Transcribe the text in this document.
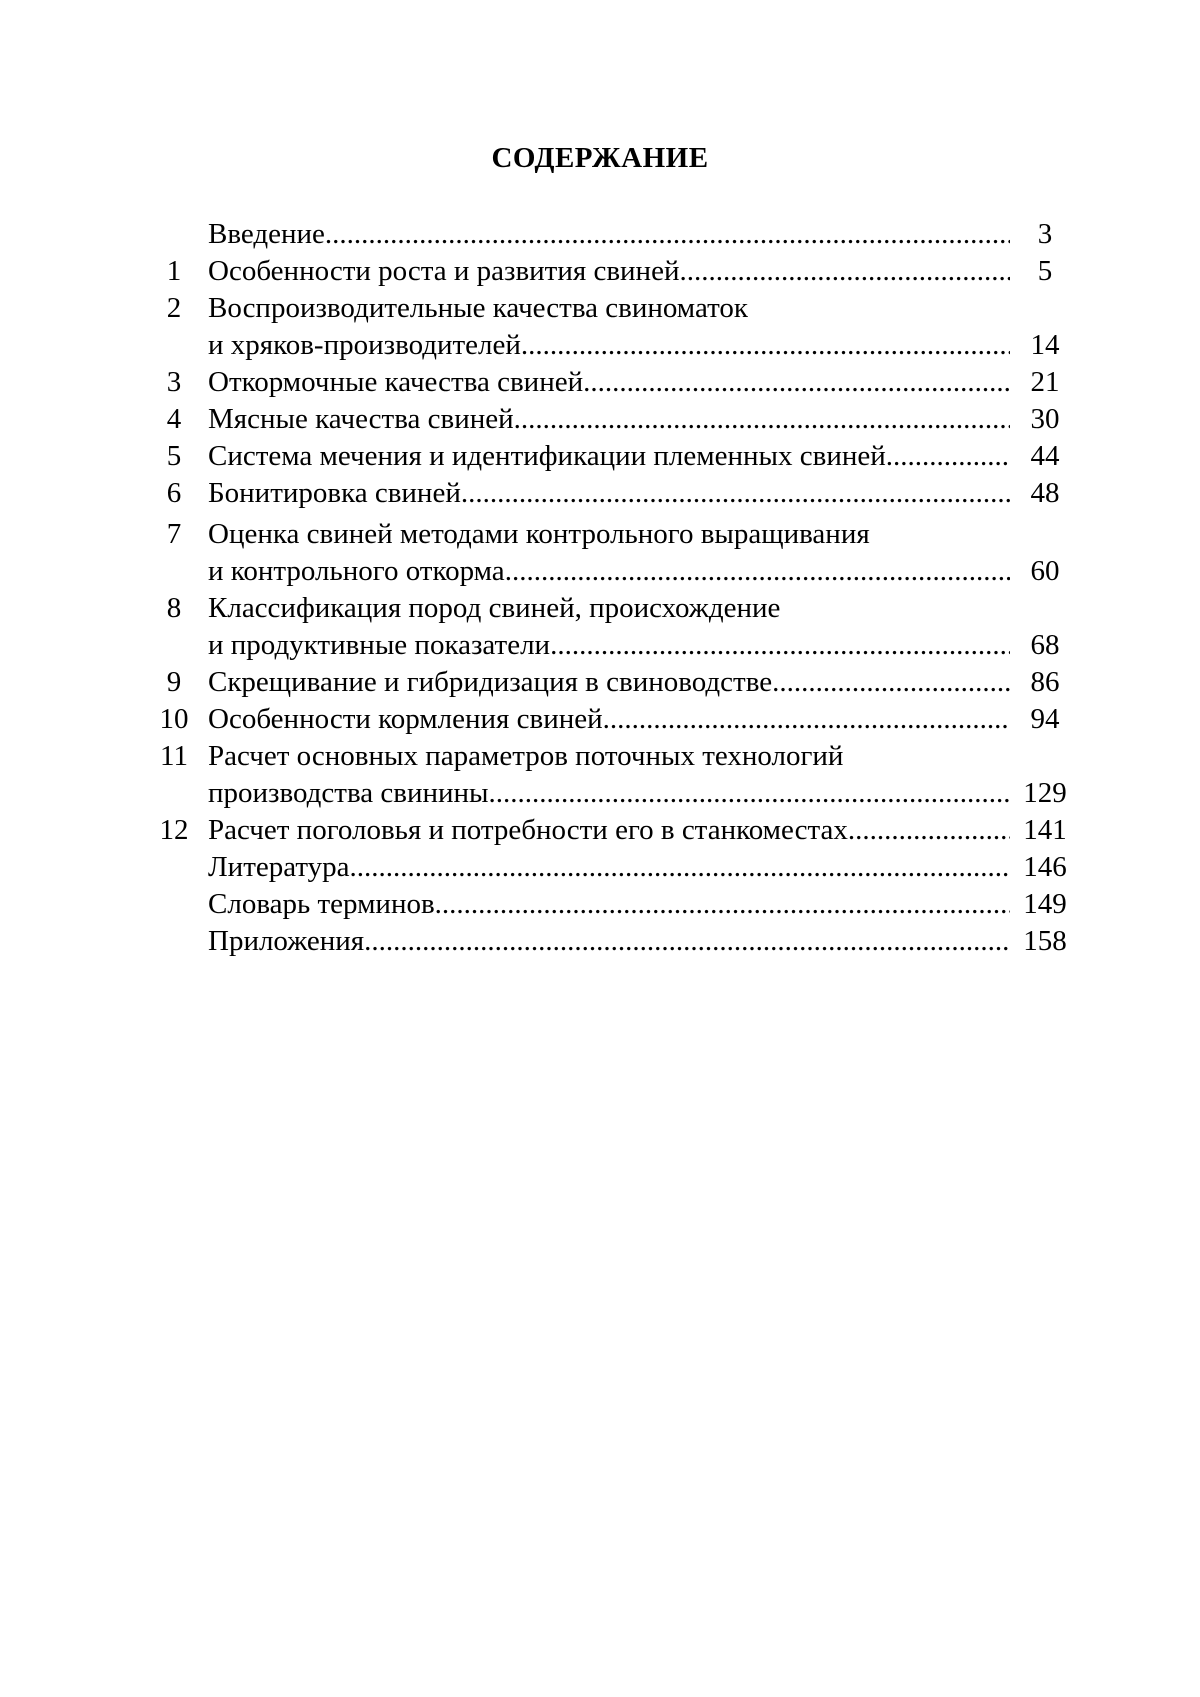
СОДЕРЖАНИЕ
Введение .....	3
1 Особенности роста и развития свиней .....	5
2 Воспроизводительные качества свиноматок
и хряков-производителей .....	14
3 Откормочные качества свиней .....	21
4 Мясные качества свиней .....	30
5 Система мечения и идентификации племенных свиней .....	44
6 Бонитировка свиней .....	48
7 Оценка свиней методами контрольного выращивания
и контрольного откорма .....	60
8 Классификация пород свиней, происхождение
и продуктивные показатели .....	68
9 Скрещивание и гибридизация в свиноводстве .....	86
10 Особенности кормления свиней .....	94
11 Расчет основных параметров поточных технологий
производства свинины. .....	129
12 Расчет поголовья и потребности его в станкоместах .....	141
Литература .....	146
Словарь терминов .....	149
Приложения .....	158
